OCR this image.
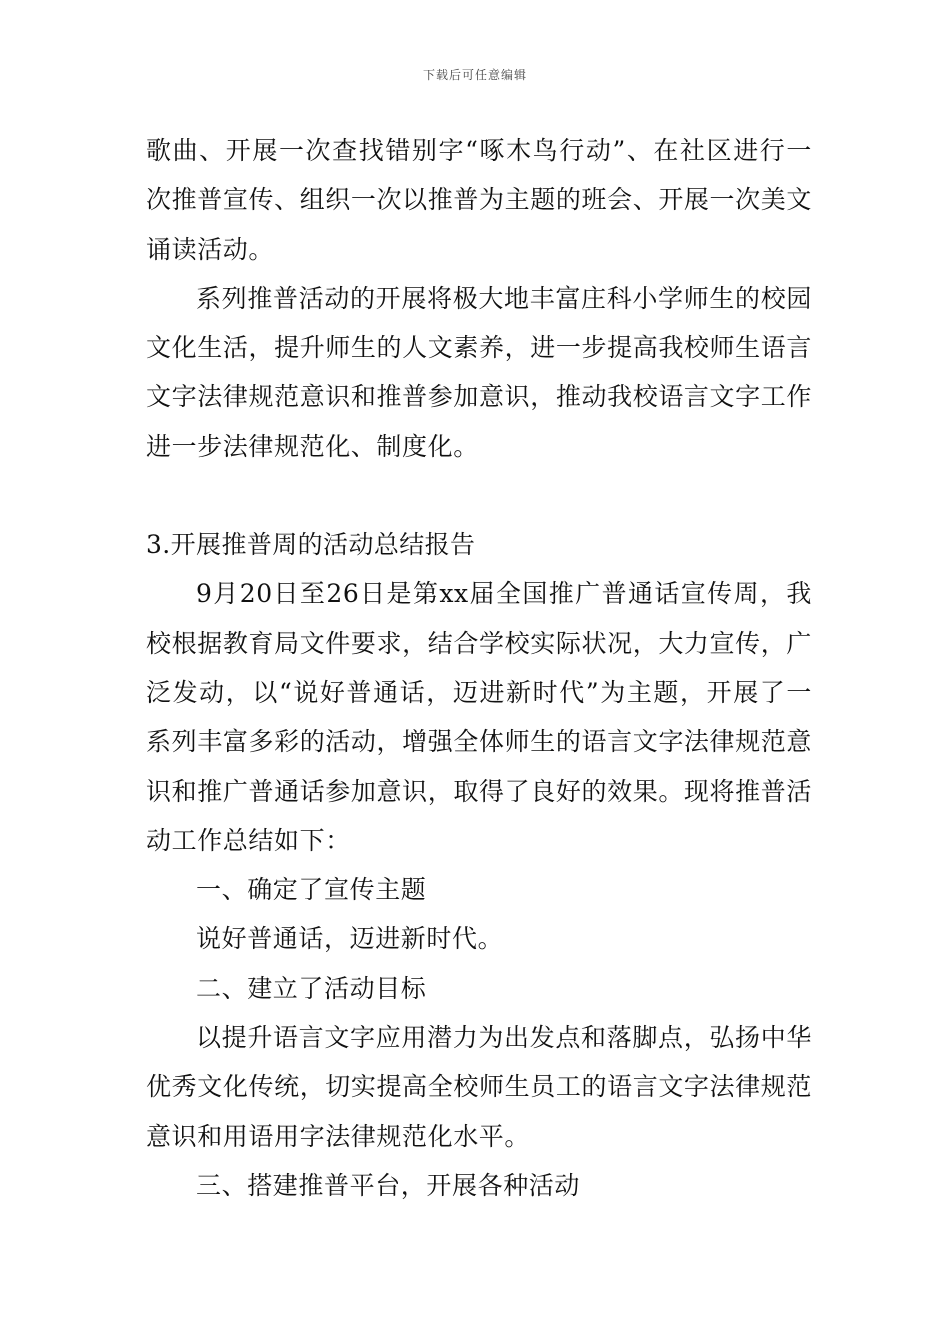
下载后可任意编辑

歌曲、开展一次查找错别字“啄木鸟行动”、在社区进行一次推普宣传、组织一次以推普为主题的班会、开展一次美文诵读活动。

系列推普活动的开展将极大地丰富庄科小学师生的校园文化生活，提升师生的人文素养，进一步提高我校师生语言文字法律规范意识和推普参加意识，推动我校语言文字工作进一步法律规范化、制度化。

3.开展推普周的活动总结报告

9月20日至26日是第xx届全国推广普通话宣传周，我校根据教育局文件要求，结合学校实际状况，大力宣传，广泛发动，以“说好普通话，迈进新时代”为主题，开展了一系列丰富多彩的活动，增强全体师生的语言文字法律规范意识和推广普通话参加意识，取得了良好的效果。现将推普活动工作总结如下：

一、确定了宣传主题

说好普通话，迈进新时代。

二、建立了活动目标

以提升语言文字应用潜力为出发点和落脚点，弘扬中华优秀文化传统，切实提高全校师生员工的语言文字法律规范意识和用语用字法律规范化水平。

三、搭建推普平台，开展各种活动
